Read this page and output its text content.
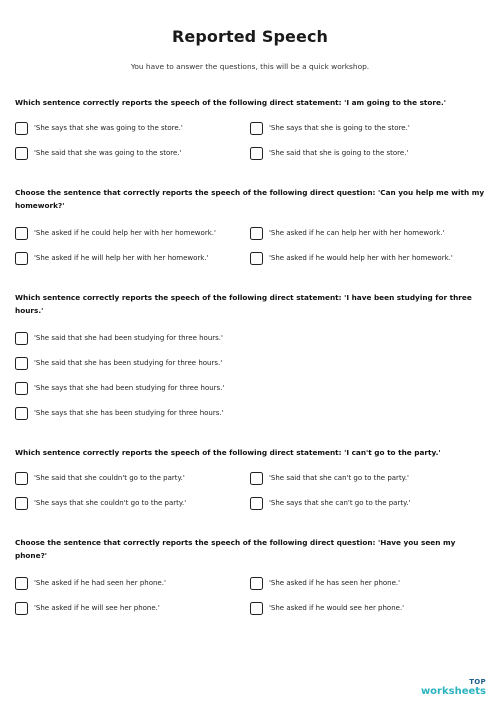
Reported Speech
You have to answer the questions, this will be a quick workshop.
Which sentence correctly reports the speech of the following direct statement: 'I am going to the store.'
'She says that she was going to the store.'	'She says that she is going to the store.'
'She said that she was going to the store.'	'She said that she is going to the store.'
Choose the sentence that correctly reports the speech of the following direct question: 'Can you help me with my homework?'
'She asked if he could help her with her homework.'	'She asked if he can help her with her homework.'
'She asked if he will help her with her homework.'	'She asked if he would help her with her homework.'
Which sentence correctly reports the speech of the following direct statement: 'I have been studying for three hours.'
'She said that she had been studying for three hours.'
'She said that she has been studying for three hours.'
'She says that she had been studying for three hours.'
'She says that she has been studying for three hours.'
Which sentence correctly reports the speech of the following direct statement: 'I can't go to the party.'
'She said that she couldn't go to the party.'	'She said that she can't go to the party.'
'She says that she couldn't go to the party.'	'She says that she can't go to the party.'
Choose the sentence that correctly reports the speech of the following direct question: 'Have you seen my phone?'
'She asked if he had seen her phone.'	'She asked if he has seen her phone.'
'She asked if he will see her phone.'	'She asked if he would see her phone.'
TOP
worksheets
